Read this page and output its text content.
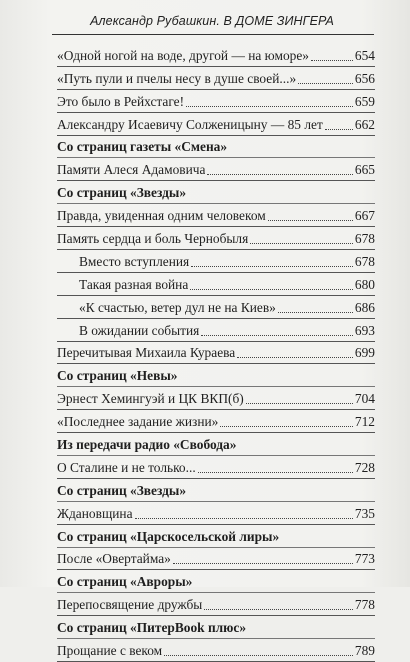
Александр Рубашкин. В ДОМЕ ЗИНГЕРА
«Одной ногой на воде, другой — на юморе»	654
«Путь пули и пчелы несу в душе своей...»	656
Это было в Рейхстаге!	659
Александру Исаевичу Солженицыну — 85 лет 662
Со страниц газеты «Смена»
Памяти Алеся Адамовича	665
Со страниц «Звезды»
Правда, увиденная одним человеком	667
Память сердца и боль Чернобыля	678
Вместо вступления	678
Такая разная война	680
«К счастью, ветер дул не на Киев»	686
В ожидании события	693
Перечитывая Михаила Кураева	699
Со страниц «Невы»
Эрнест Хемингуэй и ЦК ВКП(б)	704
«Последнее задание жизни»	712
Из передачи радио «Свобода»
О Сталине и не только...	728
Со страниц «Звезды»
Ждановщина	735
Со страниц «Царскосельской лиры»
После «Овертайма»	773
Со страниц «Авроры»
Перепосвящение дружбы	778
Со страниц «ПитерBook плюс»
Прощание с веком	789
